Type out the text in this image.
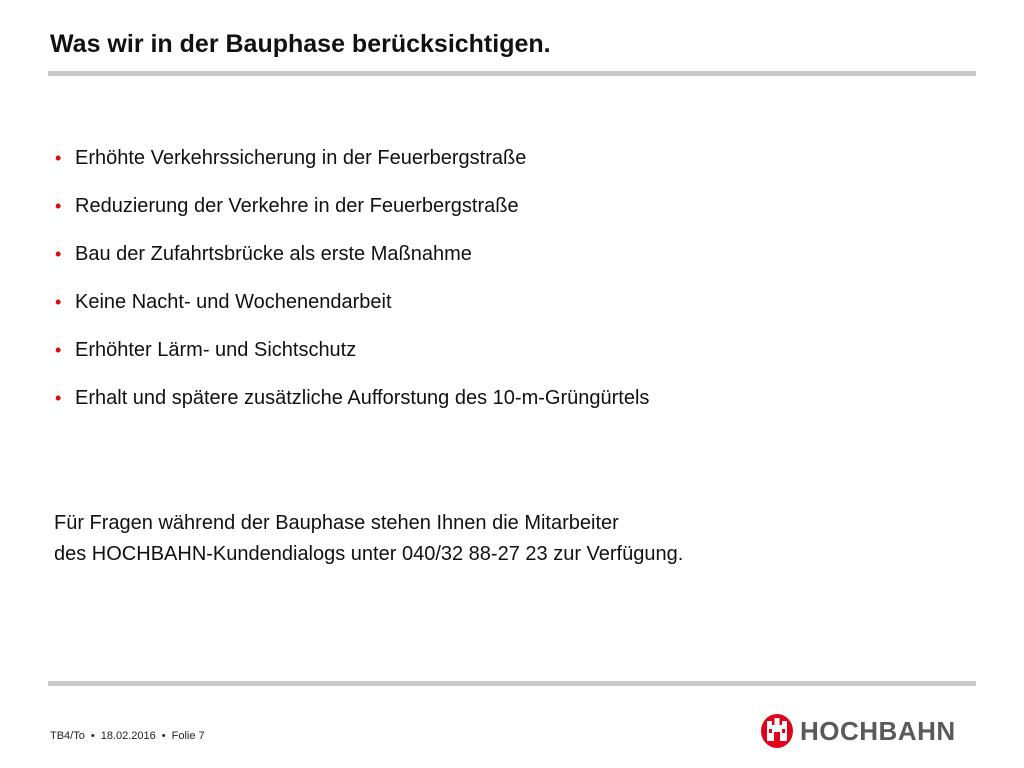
Was wir in der Bauphase berücksichtigen.
• Erhöhte Verkehrssicherung in der Feuerbergstraße
• Reduzierung der Verkehre in der Feuerbergstraße
• Bau der Zufahrtsbrücke als erste Maßnahme
• Keine Nacht- und Wochenendarbeit
• Erhöhter Lärm- und Sichtschutz
• Erhalt und spätere zusätzliche Aufforstung des 10-m-Grüngürtels
Für Fragen während der Bauphase stehen Ihnen die Mitarbeiter
des HOCHBAHN-Kundendialogs unter 040/32 88-27 23 zur Verfügung.
TB4/To • 18.02.2016 • Folie 7	HOCHBAHN
